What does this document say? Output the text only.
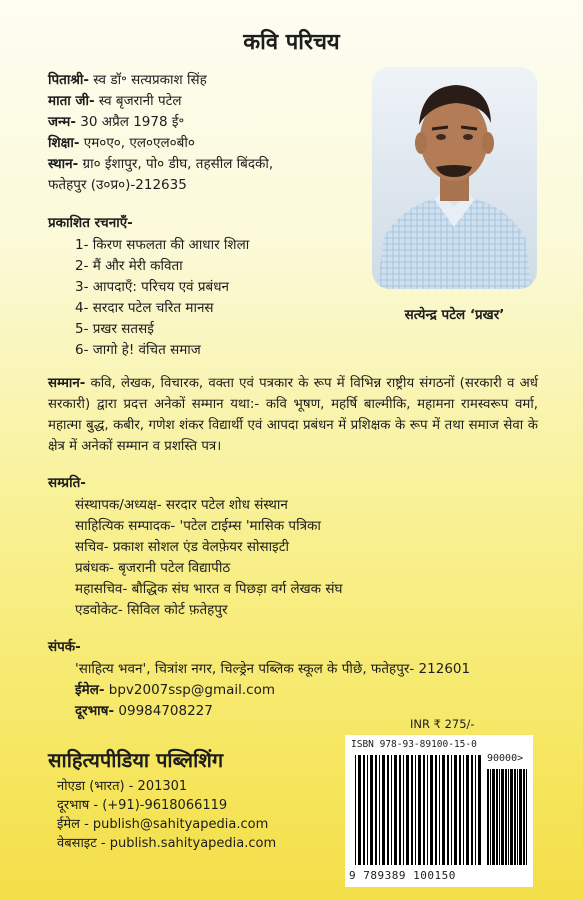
कवि परिचय
पिताश्री- स्व डॉ॰ सत्यप्रकाश सिंह
माता जी- स्व बृजरानी पटेल
जन्म- 30 अप्रैल 1978 ई॰
शिक्षा- एम०ए०, एल०एल०बी०
स्थान- ग्रा० ईशापुर, पो० डीघ, तहसील बिंदकी,
फतेहपुर (उ०प्र०)-212635
प्रकाशित रचनाएँ-
1- किरण सफलता की आधार शिला
2- मैं और मेरी कविता
3- आपदाएँ: परिचय एवं प्रबंधन
4- सरदार पटेल चरित मानस
5- प्रखर सतसई
6- जागो हे! वंचित समाज
सत्येन्द्र पटेल ‘प्रखर’
सम्मान- कवि, लेखक, विचारक, वक्ता एवं पत्रकार के रूप में विभिन्न राष्ट्रीय संगठनों (सरकारी व अर्ध सरकारी) द्वारा प्रदत्त अनेकों सम्मान यथा:- कवि भूषण, महर्षि बाल्मीकि, महामना रामस्वरूप वर्मा, महात्मा बुद्ध, कबीर, गणेश शंकर विद्यार्थी एवं आपदा प्रबंधन में प्रशिक्षक के रूप में तथा समाज सेवा के क्षेत्र में अनेकों सम्मान व प्रशस्ति पत्र।
सम्प्रति-
संस्थापक/अध्यक्ष- सरदार पटेल शोध संस्थान
साहित्यिक सम्पादक- 'पटेल टाईम्स 'मासिक पत्रिका
सचिव- प्रकाश सोशल एंड वेलफ़ेयर सोसाइटी
प्रबंधक- बृजरानी पटेल विद्यापीठ
महासचिव- बौद्धिक संघ भारत व पिछड़ा वर्ग लेखक संघ
एडवोकेट- सिविल कोर्ट फ़तेहपुर
संपर्क-
'साहित्य भवन', चित्रांश नगर, चिल्ड्रेन पब्लिक स्कूल के पीछे, फतेहपुर- 212601
ईमेल- bpv2007ssp@gmail.com
दूरभाष- 09984708227
INR ₹ 275/-
साहित्यपीडिया पब्लिशिंग
नोएडा (भारत) - 201301
दूरभाष - (+91)-9618066119
ईमेल - publish@sahityapedia.com
वेबसाइट - publish.sahityapedia.com
ISBN 978-93-89100-15-0
90000>
9 789389 100150
